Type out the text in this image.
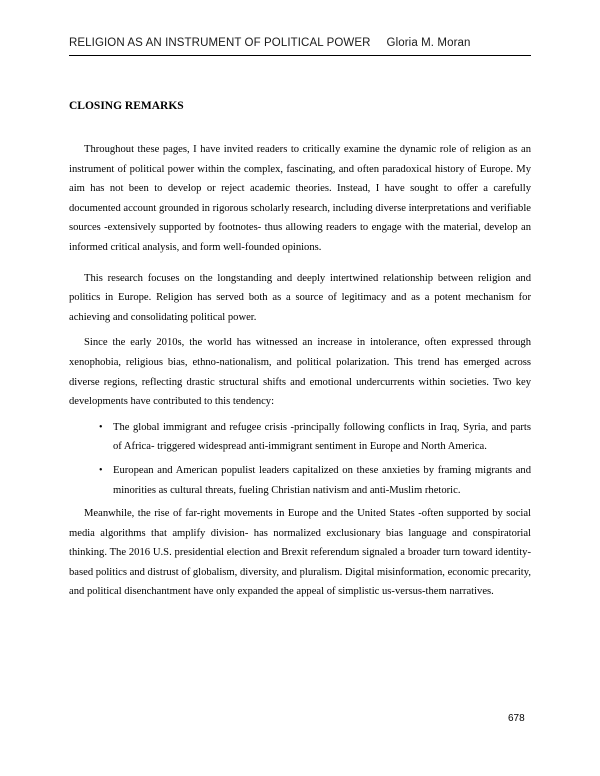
RELIGION AS AN INSTRUMENT OF POLITICAL POWER Gloria M. Moran
CLOSING REMARKS

Throughout these pages, I have invited readers to critically examine the dynamic role of religion as an instrument of political power within the complex, fascinating, and often paradoxical history of Europe. My aim has not been to develop or reject academic theories. Instead, I have sought to offer a carefully documented account grounded in rigorous scholarly research, including diverse interpretations and verifiable sources -extensively supported by footnotes- thus allowing readers to engage with the material, develop an informed critical analysis, and form well-founded opinions.

This research focuses on the longstanding and deeply intertwined relationship between religion and politics in Europe. Religion has served both as a source of legitimacy and as a potent mechanism for achieving and consolidating political power.

Since the early 2010s, the world has witnessed an increase in intolerance, often expressed through xenophobia, religious bias, ethno-nationalism, and political polarization. This trend has emerged across diverse regions, reflecting drastic structural shifts and emotional undercurrents within societies. Two key developments have contributed to this tendency:

• The global immigrant and refugee crisis -principally following conflicts in Iraq, Syria, and parts of Africa- triggered widespread anti-immigrant sentiment in Europe and North America.
• European and American populist leaders capitalized on these anxieties by framing migrants and minorities as cultural threats, fueling Christian nativism and anti-Muslim rhetoric.

Meanwhile, the rise of far-right movements in Europe and the United States -often supported by social media algorithms that amplify division- has normalized exclusionary bias language and conspiratorial thinking. The 2016 U.S. presidential election and Brexit referendum signaled a broader turn toward identity-based politics and distrust of globalism, diversity, and pluralism. Digital misinformation, economic precarity, and political disenchantment have only expanded the appeal of simplistic us-versus-them narratives.

678
